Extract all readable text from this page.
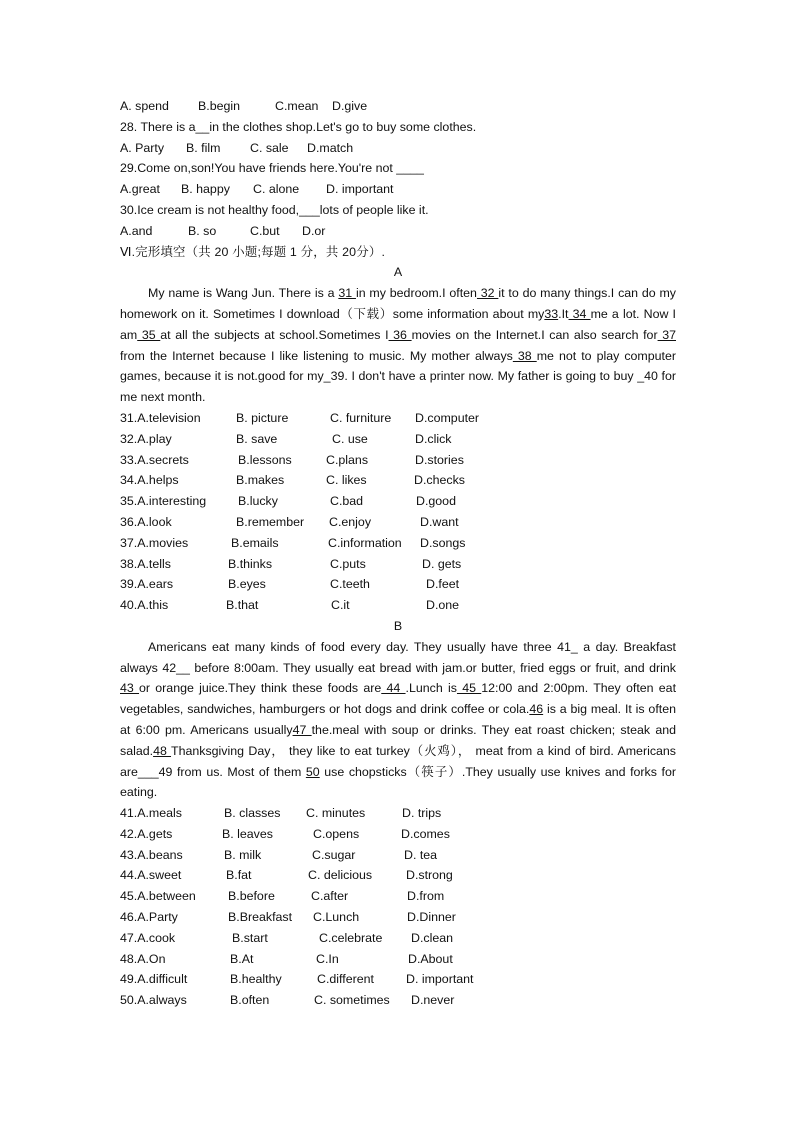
A. spend

B.begin

	C.mean

D.give

28. There is a__in the clothes shop.Let's go to buy some clothes.

A. Party

B. film

C. sale

D.match

29.Come on,son!You have friends here.You're not ____

A.great

B. happy

C. alone

D. important

30.Ice cream is not healthy food,___lots of people like it.

A.and

	B. so

	C.but

D.or

Ⅵ.完形填空（共 20 小题;每题 1 分，共 20分）.
A

My name is Wang Jun. There is a 31 in my bedroom.I often 32 it to do many things.I can do my homework on it. Sometimes I download（下载）some information about my33.It 34 me a lot. Now I am 35 at all the subjects at school.Sometimes I 36 movies on the Internet.I can also search for 37 from the Internet because I like listening to music. My mother always 38 me not to play computer games, because it is not.good for my_39. I don't have a printer now. My father is going to buy _40 for me next month.

31.A.television

	B. picture

	C. furniture

D.computer

32.A.play

	B. save

	C. use

	D.click

33.A.secrets

	B.lessons

	C.plans

	D.stories

34.A.helps

	B.makes

	C. likes

	D.checks

35.A.interesting

	B.lucky

	C.bad

	D.good

36.A.look

	B.remember

C.enjoy

	D.want

37.A.movies

	B.emails

	C.information

D.songs

38.A.tells

	B.thinks

	C.puts

	D. gets

39.A.ears

	B.eyes

	C.teeth

	D.feet

40.A.this

	B.that

	C.it

	D.one

B

Americans eat many kinds of food every day. They usually have three 41_ a day. Breakfast always 42__ before 8:00am. They usually eat bread with jam.or butter, fried eggs or fruit, and drink 43 or orange juice.They think these foods are 44 .Lunch is 45 12:00 and 2:00pm. They often eat vegetables, sandwiches, hamburgers or hot dogs and drink coffee or cola.46 is a big meal. It is often at 6:00 pm. Americans usually47 the.meal with soup or drinks. They eat roast chicken; steak and salad.48 Thanksgiving Day， they like to eat turkey（火鸡）， meat from a kind of bird. Americans are___49 from us. Most of them 50 use chopsticks（筷子）.They usually use knives and forks for eating.

41.A.meals

	B. classes

C. minutes

	D. trips

42.A.gets

	B. leaves

	C.opens

	D.comes

43.A.beans

	B. milk

	C.sugar

	D. tea

44.A.sweet

	B.fat

	C. delicious

	D.strong

45.A.between

	B.before

	C.after

	D.from

46.A.Party

	B.Breakfast

C.Lunch

	D.Dinner

47.A.cook

	B.start

	C.celebrate

D.clean

48.A.On

	B.At

	C.In

	D.About

49.A.difficult

	B.healthy

	C.different

	D. important

50.A.always

	B.often

	C. sometimes

D.never
